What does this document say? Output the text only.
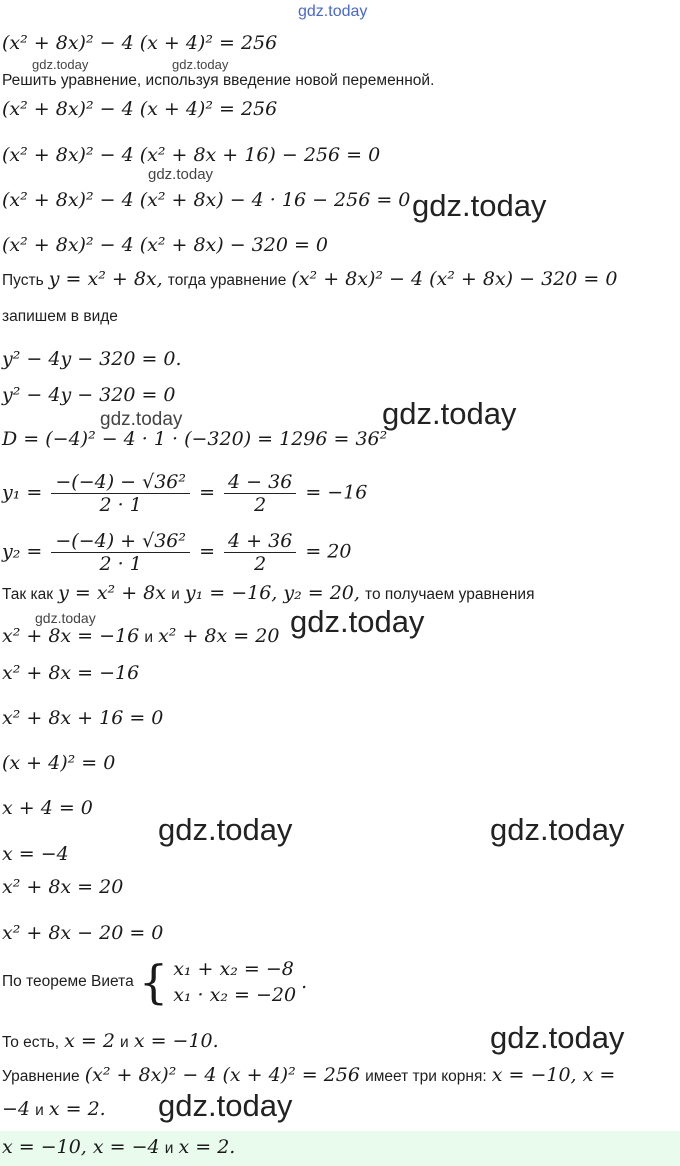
gdz.today
gdz.today	gdz.today
gdz.today
gdz.today
gdz.today
gdz.today
gdz.today	gdz.today
gdz.today	gdz.today
gdz.today
gdz.today
(x² + 8x)² − 4 (x + 4)² = 256
Решить уравнение, используя введение новой переменной.
(x² + 8x)² − 4 (x + 4)² = 256
(x² + 8x)² − 4 (x² + 8x + 16) − 256 = 0
(x² + 8x)² − 4 (x² + 8x) − 4 · 16 − 256 = 0
(x² + 8x)² − 4 (x² + 8x) − 320 = 0
Пусть y = x² + 8x, тогда уравнение (x² + 8x)² − 4 (x² + 8x) − 320 = 0
запишем в виде
y² − 4y − 320 = 0.
y² − 4y − 320 = 0
D = (−4)² − 4 · 1 · (−320) = 1296 = 36²
$y_1 = \frac{\text{−(−4) − √36²}}{2 \cdot 1} = \frac{4 - 36}{2} = -16$
$y_2 = \frac{\text{−(−4) + √36²}}{2 \cdot 1} = \frac{4 + 36}{2} = 20$
Так как y = x² + 8x и y₁ = −16, y₂ = 20, то получаем уравнения
x² + 8x = −16 и x² + 8x = 20
x² + 8x = −16
x² + 8x + 16 = 0
(x + 4)² = 0
x + 4 = 0
x = −4
x² + 8x = 20
x² + 8x − 20 = 0
По теореме Виета { x₁ + x₂ = −8
x₁ · x₂ = −20
.
То есть, x = 2 и x = −10.
Уравнение (x² + 8x)² − 4 (x + 4)² = 256 имеет три корня: x = −10, x =
−4 и x = 2.
x = −10, x = −4 и x = 2.
